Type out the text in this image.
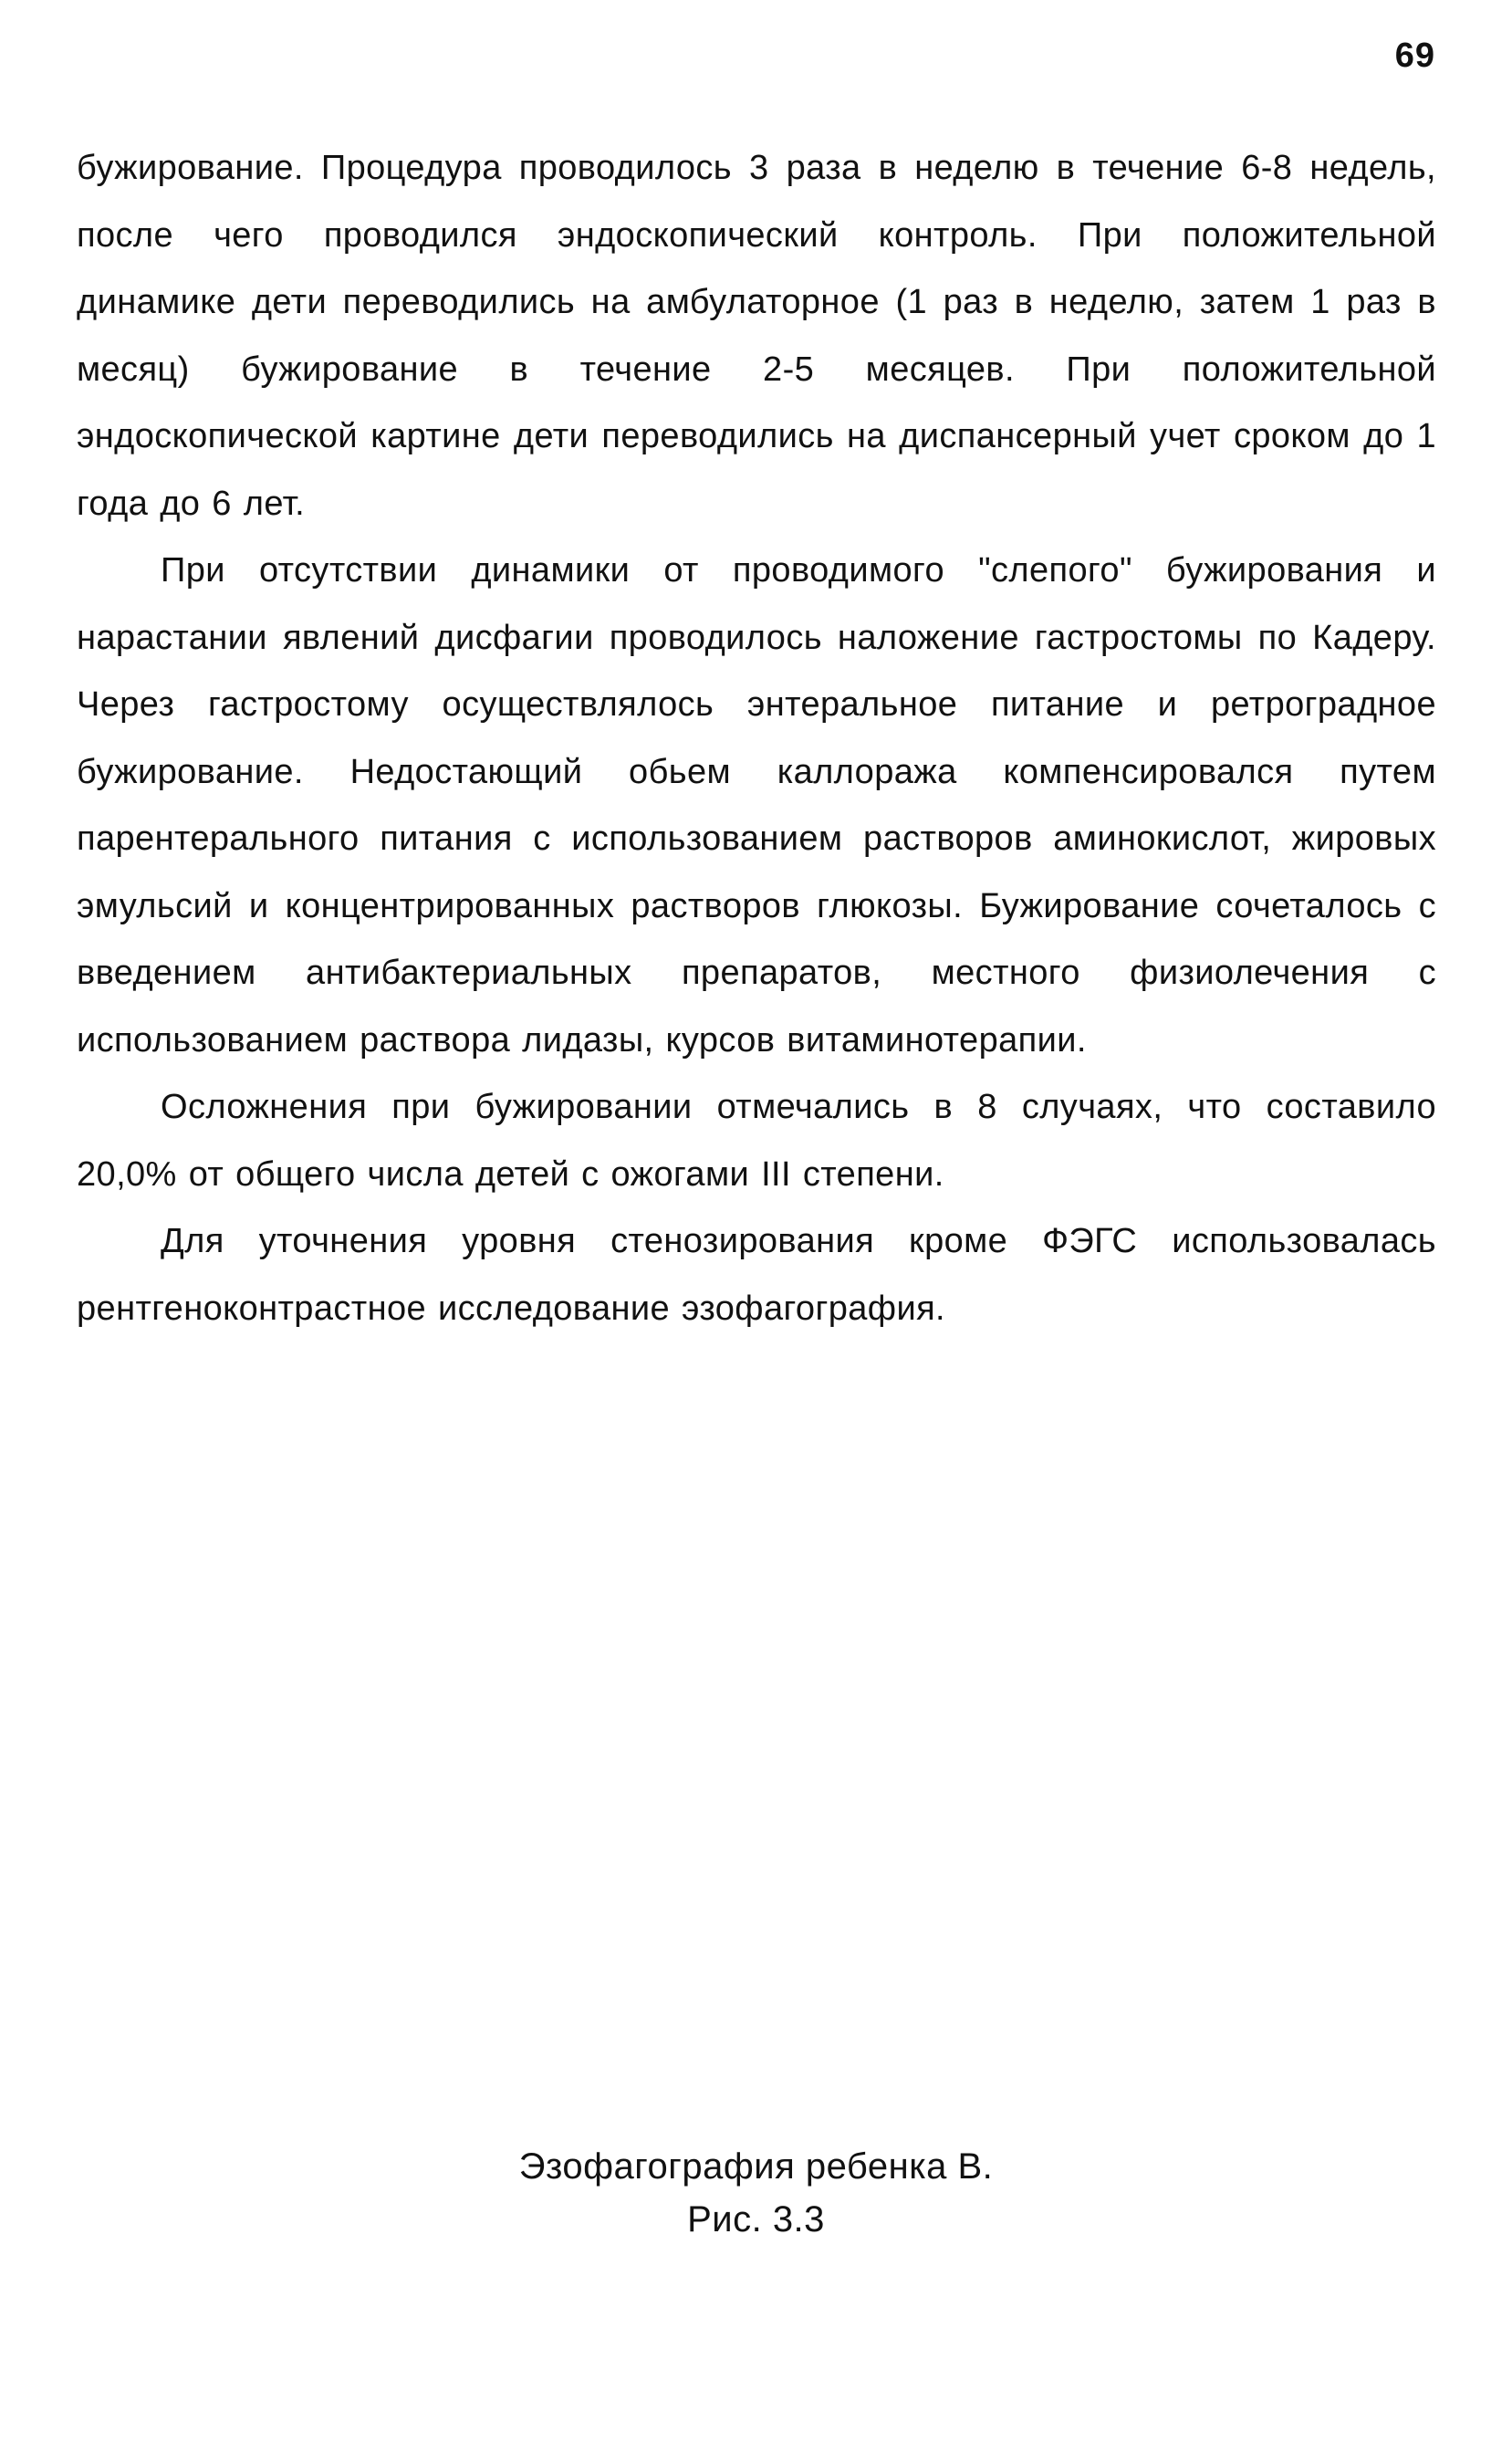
69

бужирование. Процедура проводилось 3 раза в неделю в течение 6-8 недель, после чего проводился эндоскопический контроль. При положительной динамике дети переводились на амбулаторное (1 раз в неделю, затем 1 раз в месяц) бужирование в течение 2-5 месяцев. При положительной эндоскопической картине дети переводились на диспансерный учет сроком до 1 года до 6 лет.

При отсутствии динамики от проводимого "слепого" бужирования и нарастании явлений дисфагии проводилось наложение гастростомы по Кадеру. Через гастростому осуществлялось энтеральное питание и ретроградное бужирование. Недостающий обьем каллоража компенсировался путем парентерального питания с использованием растворов аминокислот, жировых эмульсий и концентрированных растворов глюкозы. Бужирование сочеталось с введением антибактериальных препаратов, местного физиолечения с использованием раствора лидазы, курсов витаминотерапии.

Осложнения при бужировании отмечались в 8 случаях, что составило 20,0% от общего числа детей с ожогами III степени.

Для уточнения уровня стенозирования кроме ФЭГС использовалась рентгеноконтрастное исследование эзофагография.

Эзофагография ребенка В.
Рис. 3.3
